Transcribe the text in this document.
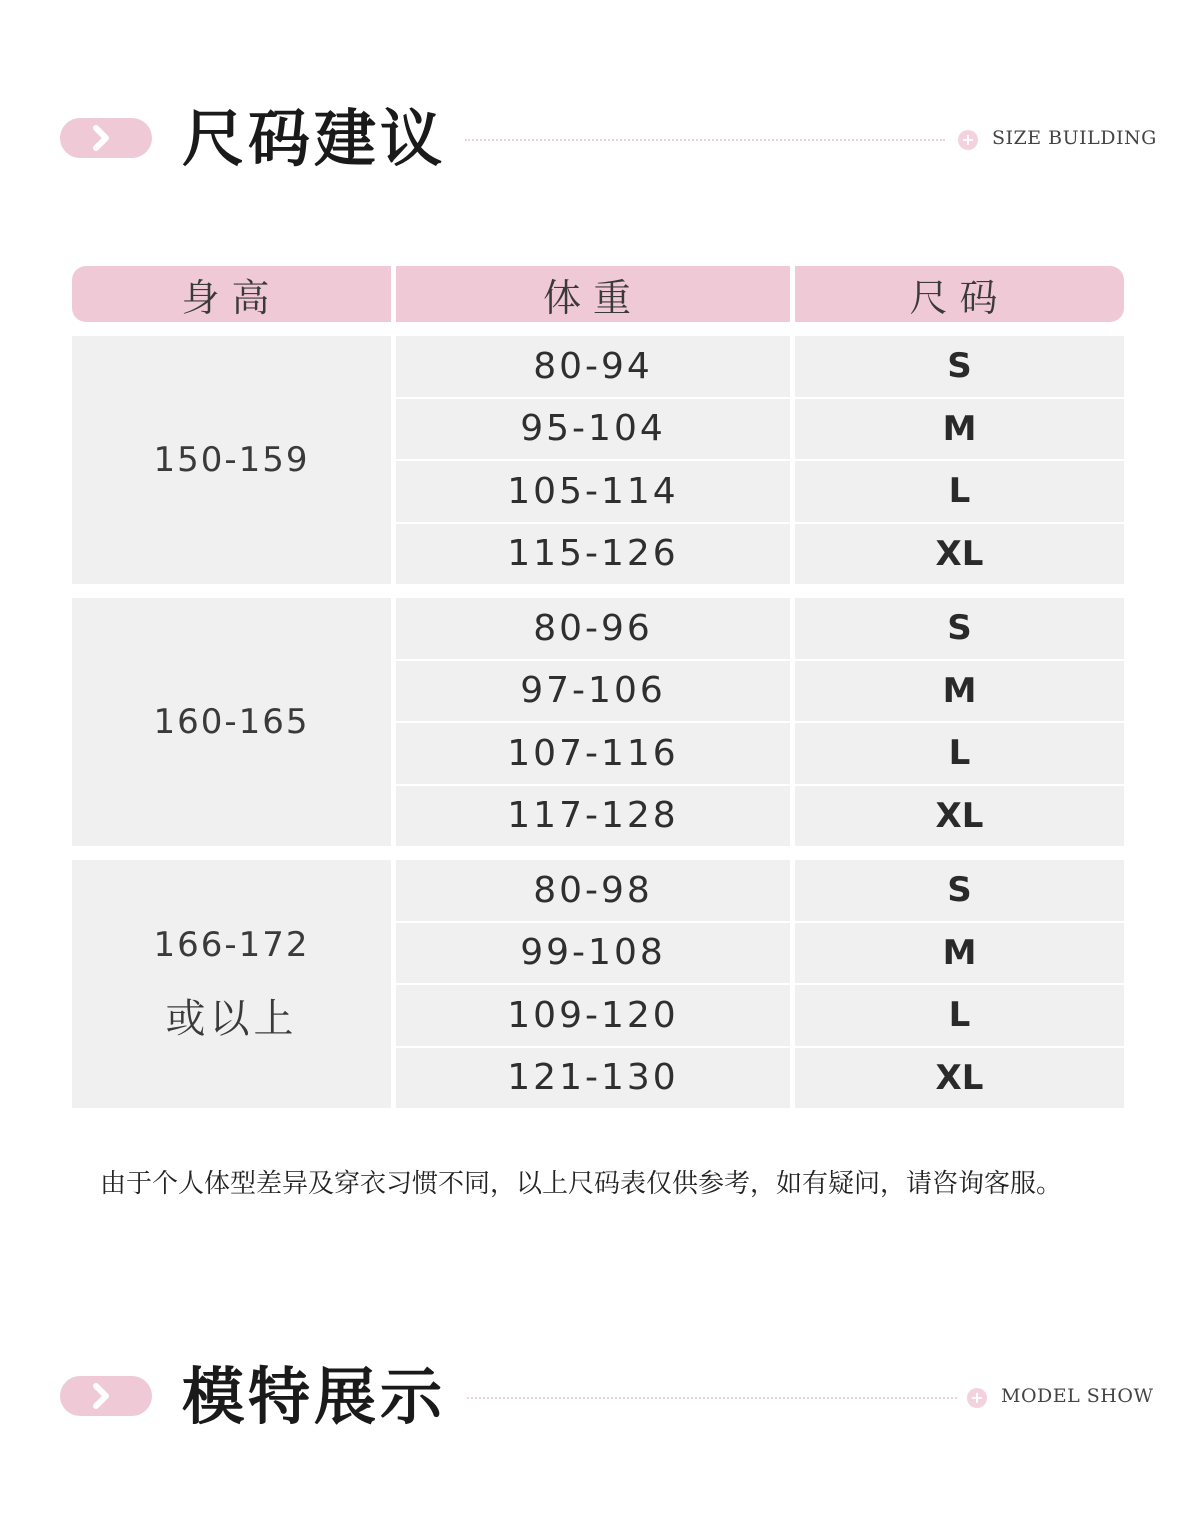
尺码建议	+ SIZE BUILDING
身高	体重	尺码
150-159
80-94	S
95-104	M
105-114	L
115-126	XL
160-165
80-96	S
97-106	M
107-116	L
117-128	XL
166-172
或以上
80-98	S
99-108	M
109-120	L
121-130	XL
由于个人体型差异及穿衣习惯不同，以上尺码表仅供参考，如有疑问，请咨询客服。
模特展示	+ MODEL SHOW
